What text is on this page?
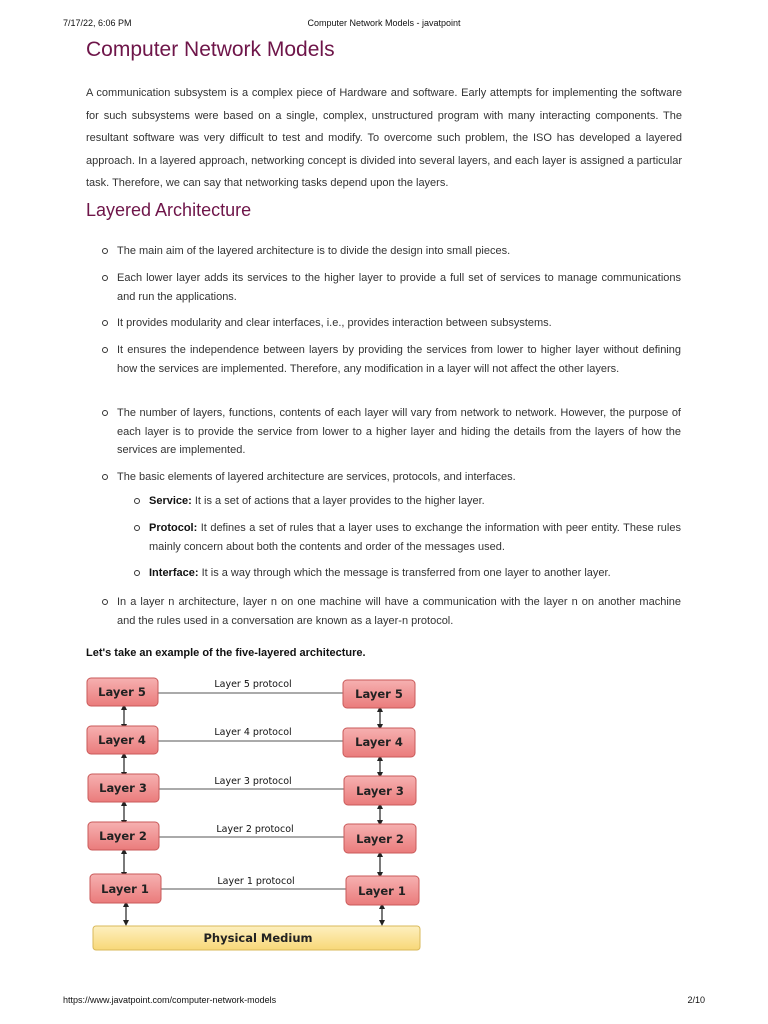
7/17/22, 6:06 PM	Computer Network Models - javatpoint
Computer Network Models

A communication subsystem is a complex piece of Hardware and software. Early attempts for implementing the software for such subsystems were based on a single, complex, unstructured program with many interacting components. The resultant software was very difficult to test and modify. To overcome such problem, the ISO has developed a layered approach. In a layered approach, networking concept is divided into several layers, and each layer is assigned a particular task. Therefore, we can say that networking tasks depend upon the layers.

Layered Architecture
The main aim of the layered architecture is to divide the design into small pieces.
Each lower layer adds its services to the higher layer to provide a full set of services to manage communications and run the applications.
It provides modularity and clear interfaces, i.e., provides interaction between subsystems.
It ensures the independence between layers by providing the services from lower to higher layer without defining how the services are implemented. Therefore, any modification in a layer will not affect the other layers.
The number of layers, functions, contents of each layer will vary from network to network. However, the purpose of each layer is to provide the service from lower to a higher layer and hiding the details from the layers of how the services are implemented.
The basic elements of layered architecture are services, protocols, and interfaces.
Service: It is a set of actions that a layer provides to the higher layer.
Protocol: It defines a set of rules that a layer uses to exchange the information with peer entity. These rules mainly concern about both the contents and order of the messages used.
Interface: It is a way through which the message is transferred from one layer to another layer.
In a layer n architecture, layer n on one machine will have a communication with the layer n on another machine and the rules used in a conversation are known as a layer-n protocol.
Let's take an example of the five-layered architecture.
Layer 5 protocol
Layer 4 protocol
Layer 3 protocol
Layer 2 protocol
Layer 1 protocol
Layer 5
Layer 4
Layer 3
Layer 2
Layer 1
Layer 5
Layer 4
Layer 3
Layer 2
Layer 1
Physical Medium
https://www.javatpoint.com/computer-network-models	2/10
